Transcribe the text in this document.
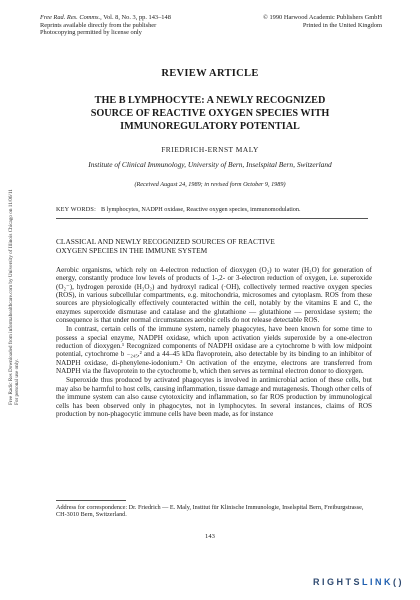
Free Rad. Res. Comms., Vol. 8, No. 3, pp. 143–148
Reprints available directly from the publisher
Photocopying permitted by license only
© 1990 Harwood Academic Publishers GmbH
Printed in the United Kingdom
Free Radic Res Downloaded from informahealthcare.com by University of Illinois Chicago on 11/06/11 For personal use only.
REVIEW ARTICLE
THE B LYMPHOCYTE: A NEWLY RECOGNIZED
SOURCE OF REACTIVE OXYGEN SPECIES WITH
IMMUNOREGULATORY POTENTIAL
FRIEDRICH-ERNST MALY
Institute of Clinical Immunology, University of Bern, Inselspital Bern, Switzerland
(Received August 24, 1989; in revised form October 9, 1989)
KEY WORDS: B lymphocytes, NADPH oxidase, Reactive oxygen species, immunomodulation.
CLASSICAL AND NEWLY RECOGNIZED SOURCES OF REACTIVE
OXYGEN SPECIES IN THE IMMUNE SYSTEM

Aerobic organisms, which rely on 4-electron reduction of dioxygen (O₂) to water (H₂O) for generation of energy, constantly produce low levels of products of 1-,2- or 3-electron reduction of oxygen, i.e. superoxide (O₂⁻), hydrogen peroxide (H₂O₂) and hydroxyl radical (·OH), collectively termed reactive oxygen species (ROS), in various subcellular compartments, e.g. mitochondria, microsomes and cytoplasm. ROS from these sources are physiologically effectively counteracted within the cell, notably by the vitamins E and C, the enzymes superoxide dismutase and catalase and the glutathione — glutathione — peroxidase system; the consequence is that under normal circumstances aerobic cells do not release detectable ROS.

In contrast, certain cells of the immune system, namely phagocytes, have been known for some time to possess a special enzyme, NADPH oxidase, which upon activation yields superoxide by a one-electron reduction of dioxygen.¹ Recognized components of NADPH oxidase are a cytochrome b with low midpoint potential, cytochrome b ₋₂₄₅,² and a 44–45 kDa flavoprotein, also detectable by its binding to an inhibitor of NADPH oxidase, di-phenylene-iodonium.³ On activation of the enzyme, electrons are transferred from NADPH via the flavoprotein to the cytochrome b, which then serves as terminal electron donor to dioxygen.

Superoxide thus produced by activated phagocytes is involved in antimicrobial action of these cells, but may also be harmful to host cells, causing inflammation, tissue damage and mutagenesis. Though other cells of the immune system can also cause cytotoxicity and inflammation, so far ROS production by immunological cells has been observed only in phagocytes, not in lymphocytes. In several instances, claims of ROS production by non-phagocytic immune cells have been made, as for instance

Address for correspondence: Dr. Friedrich — E. Maly, Institut für Klinische Immunologie, Inselspital Bern, Freiburgstrasse, CH-3010 Bern, Switzerland.
143
RIGHTSLINK()
